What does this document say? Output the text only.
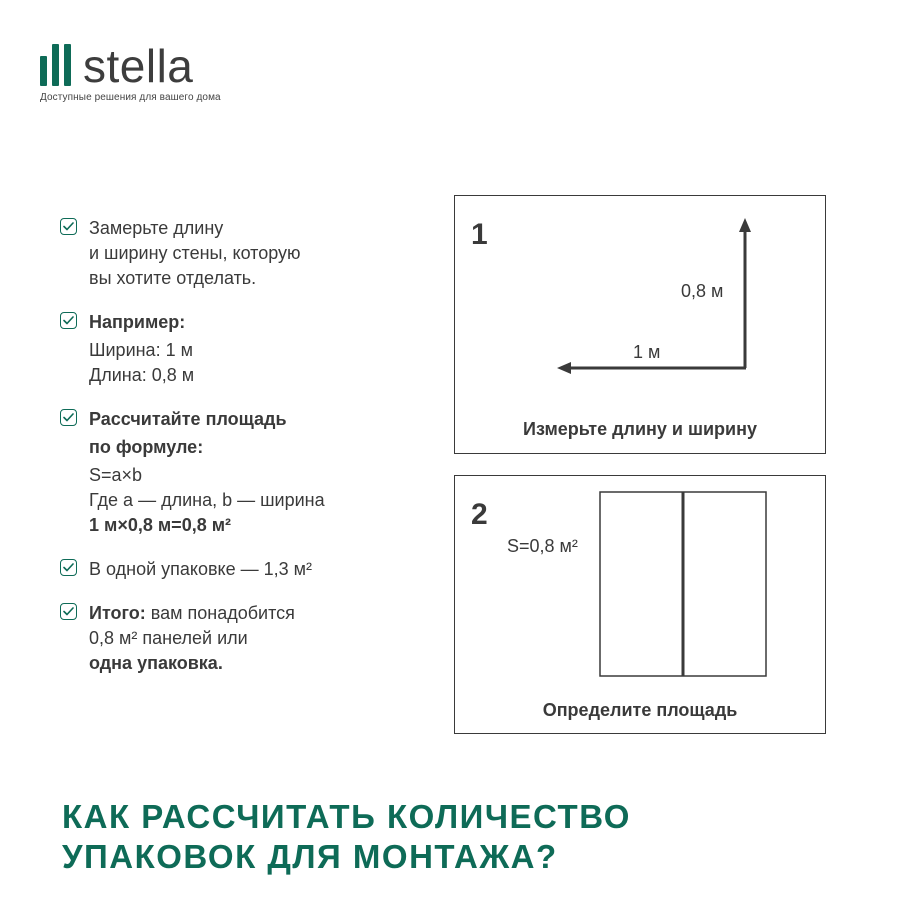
stella
Доступные решения для вашего дома
Замерьте длину
и ширину стены, которую
вы хотите отделать.
Например:
Ширина: 1 м
Длина: 0,8 м
Рассчитайте площадь
по формуле:
S=a×b
Где a — длина, b — ширина
1 м×0,8 м=0,8 м²
В одной упаковке — 1,3 м²
Итого: вам понадобится
0,8 м² панелей или
одна упаковка.
1
0,8 м
1 м
Измерьте длину и ширину
2
S=0,8 м²
Определите площадь
КАК РАССЧИТАТЬ КОЛИЧЕСТВО
УПАКОВОК ДЛЯ МОНТАЖА?
